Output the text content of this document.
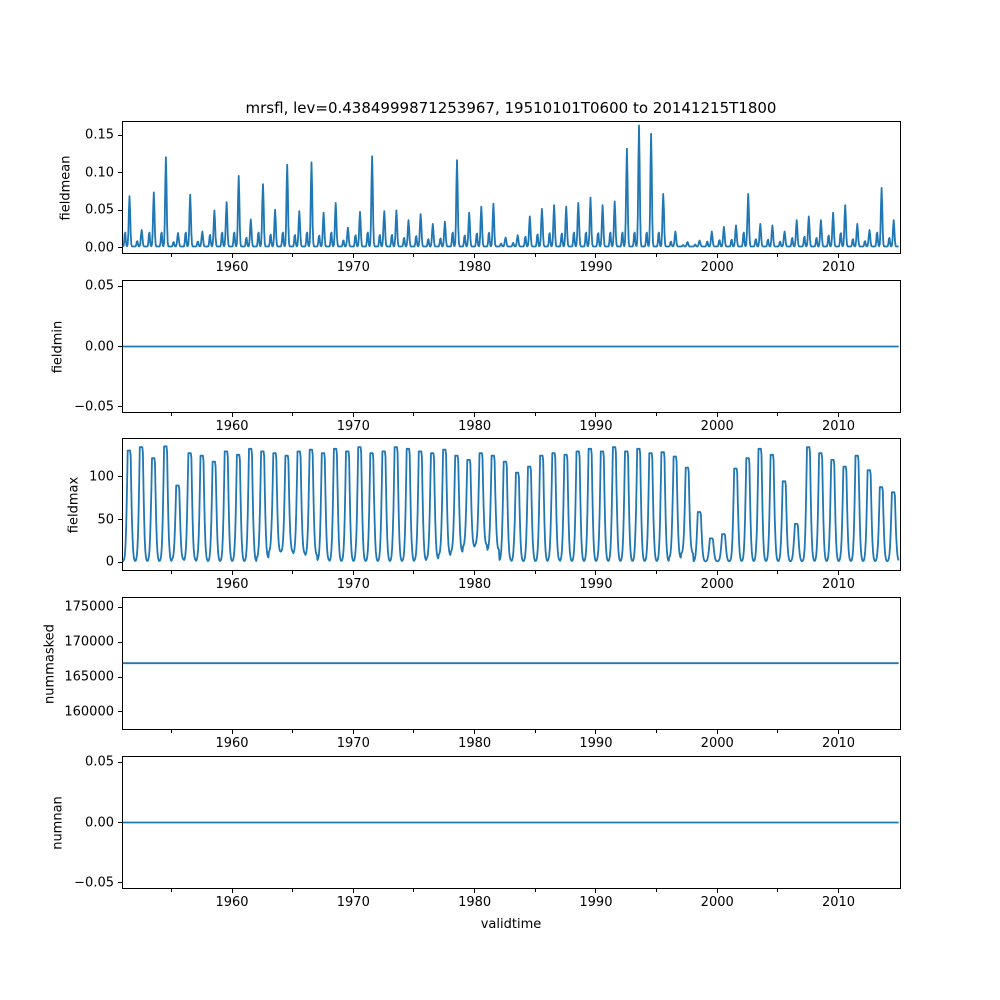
mrsfl, lev=0.4384999871253967, 19510101T0600 to 20141215T1800
fieldmean
0.00
0.05
0.10
0.15
1960	1970	1980	1990	2000	2010
fieldmin
−0.05
0.00
0.05
1960	1970	1980	1990	2000	2010
fieldmax
0
50
100
1960	1970	1980	1990	2000	2010
nummasked
160000
165000
170000
175000
1960	1970	1980	1990	2000	2010
numnan
−0.05
0.00
0.05
1960	1970	1980	1990	2000	2010
validtime
